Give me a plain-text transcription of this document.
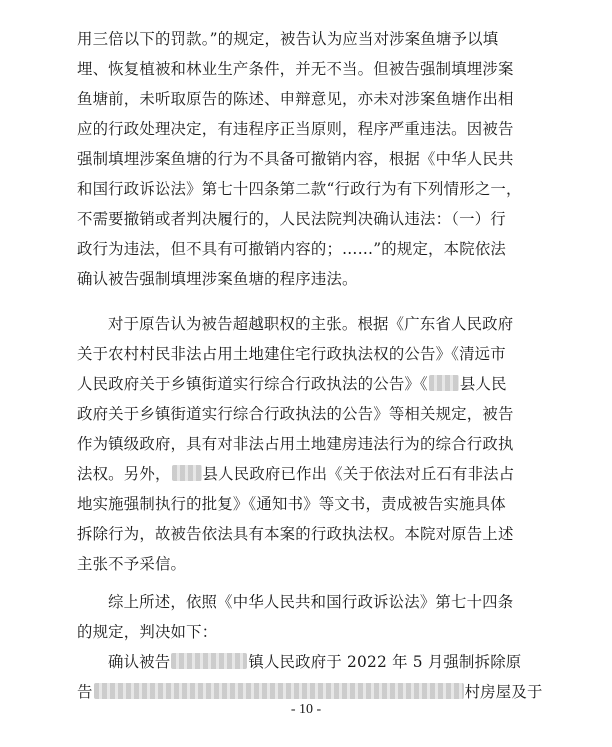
用三倍以下的罚款。”的规定，被告认为应当对涉案鱼塘予以填
埋、恢复植被和林业生产条件，并无不当。但被告强制填埋涉案
鱼塘前，未听取原告的陈述、申辩意见，亦未对涉案鱼塘作出相
应的行政处理决定，有违程序正当原则，程序严重违法。因被告
强制填埋涉案鱼塘的行为不具备可撤销内容，根据《中华人民共
和国行政诉讼法》第七十四条第二款“行政行为有下列情形之一，
不需要撤销或者判决履行的，人民法院判决确认违法：（一）行
政行为违法，但不具有可撤销内容的；……”的规定，本院依法
确认被告强制填埋涉案鱼塘的程序违法。
对于原告认为被告超越职权的主张。根据《广东省人民政府
关于农村村民非法占用土地建住宅行政执法权的公告》《清远市
人民政府关于乡镇街道实行综合行政执法的公告》《 县人民
政府关于乡镇街道实行综合行政执法的公告》等相关规定，被告
作为镇级政府，具有对非法占用土地建房违法行为的综合行政执
法权。另外， 县人民政府已作出《关于依法对丘石有非法占
地实施强制执行的批复》《通知书》等文书，责成被告实施具体
拆除行为，故被告依法具有本案的行政执法权。本院对原告上述
主张不予采信。
综上所述，依照《中华人民共和国行政诉讼法》第七十四条
的规定，判决如下：
确认被告	镇人民政府于 2022 年 5 月强制拆除原
告	村房屋及于
- 10 -
